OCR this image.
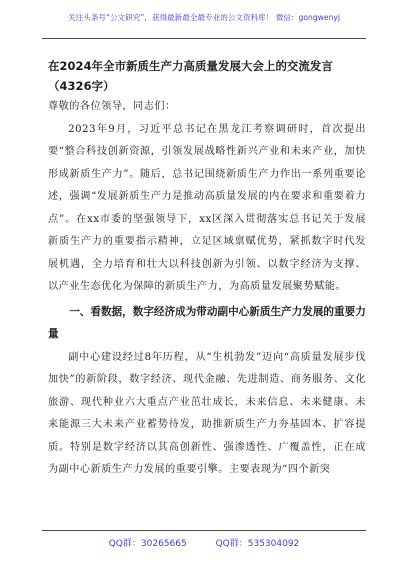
关注头条号“公文研究”，获得最新最全最专业的公文资料库！ 微信：gongwenyj

在2024年全市新质生产力高质量发展大会上的交流发言（4326字）

尊敬的各位领导，同志们：

2023年9月，习近平总书记在黑龙江考察调研时，首次提出要“整合科技创新资源，引领发展战略性新兴产业和未来产业，加快形成新质生产力”。随后，总书记围绕新质生产力作出一系列重要论述，强调“发展新质生产力是推动高质量发展的内在要求和重要着力点”。在xx市委的坚强领导下，xx区深入贯彻落实总书记关于发展新质生产力的重要指示精神，立足区域禀赋优势，紧抓数字时代发展机遇，全力培育和壮大以科技创新为引领、以数字经济为支撑、以产业生态优化为保障的新质生产力，为高质量发展聚势赋能。

一、看数据，数字经济成为带动副中心新质生产力发展的重要力量

副中心建设经过8年历程，从“生机勃发”迈向“高质量发展步伐加快”的新阶段，数字经济、现代金融、先进制造、商务服务、文化旅游、现代种业六大重点产业茁壮成长，未来信息、未来健康、未来能源三大未来产业蓄势待发，助推新质生产力夯基固本、扩容提质。特别是数字经济以其高创新性、强渗透性、广覆盖性，正在成为副中心新质生产力发展的重要引擎。主要表现为“四个新突

QQ群：30265665	QQ群：535304092
